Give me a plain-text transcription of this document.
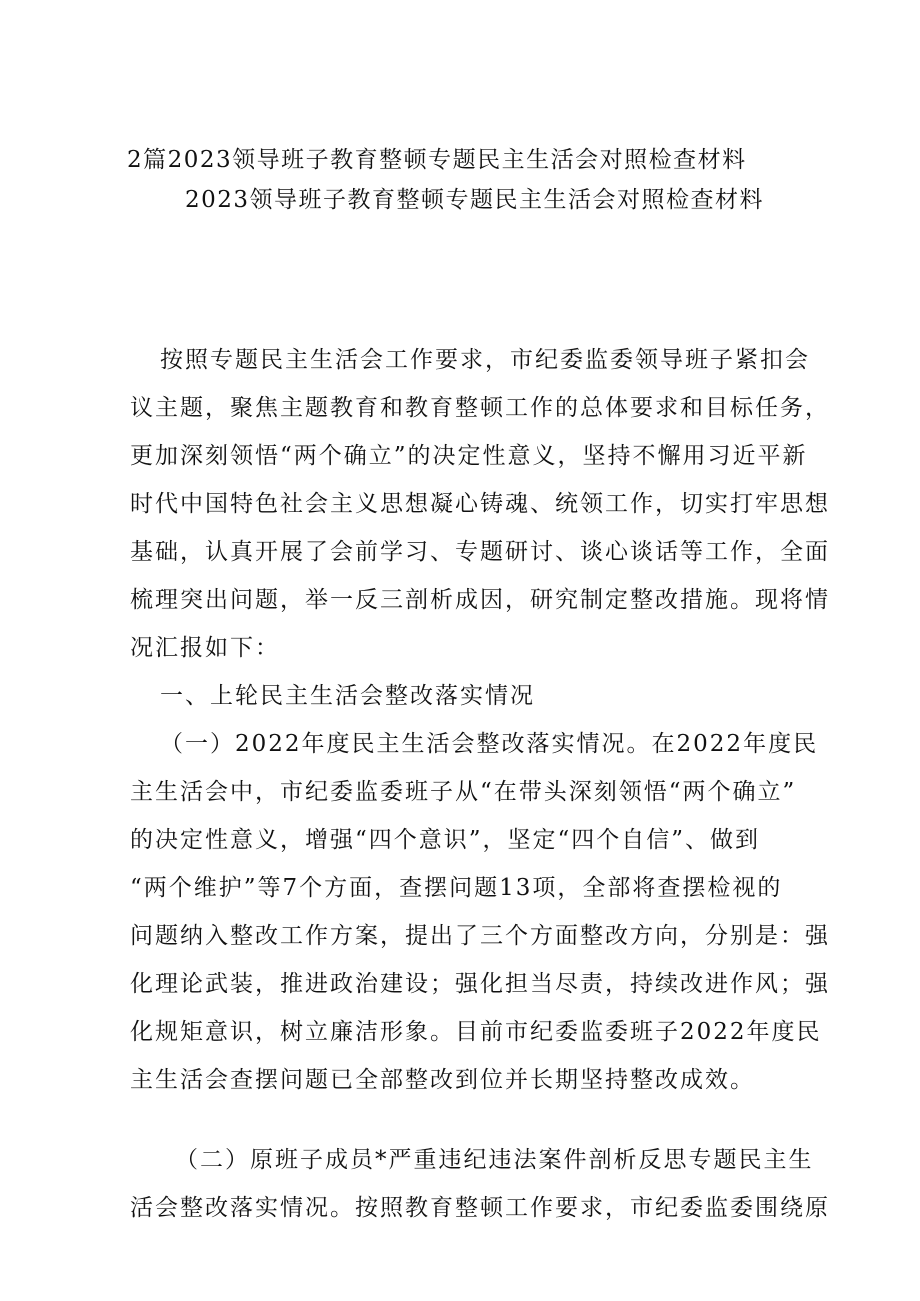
2篇2023领导班子教育整顿专题民主生活会对照检查材料

2023领导班子教育整顿专题民主生活会对照检查材料

按照专题民主生活会工作要求，市纪委监委领导班子紧扣会

议主题，聚焦主题教育和教育整顿工作的总体要求和目标任务，

更加深刻领悟“两个确立”的决定性意义，坚持不懈用习近平新

时代中国特色社会主义思想凝心铸魂、统领工作，切实打牢思想

基础，认真开展了会前学习、专题研讨、谈心谈话等工作，全面

梳理突出问题，举一反三剖析成因，研究制定整改措施。现将情

况汇报如下：

一、上轮民主生活会整改落实情况

（一）2022年度民主生活会整改落实情况。在2022年度民

主生活会中，市纪委监委班子从“在带头深刻领悟“两个确立”

的决定性意义，增强“四个意识”，坚定“四个自信”、做到

“两个维护”等7个方面，查摆问题13项，全部将查摆检视的

问题纳入整改工作方案，提出了三个方面整改方向，分别是：强

化理论武装，推进政治建设；强化担当尽责，持续改进作风；强

化规矩意识，树立廉洁形象。目前市纪委监委班子2022年度民

主生活会查摆问题已全部整改到位并长期坚持整改成效。

（二）原班子成员*严重违纪违法案件剖析反思专题民主生

活会整改落实情况。按照教育整顿工作要求，市纪委监委围绕原
